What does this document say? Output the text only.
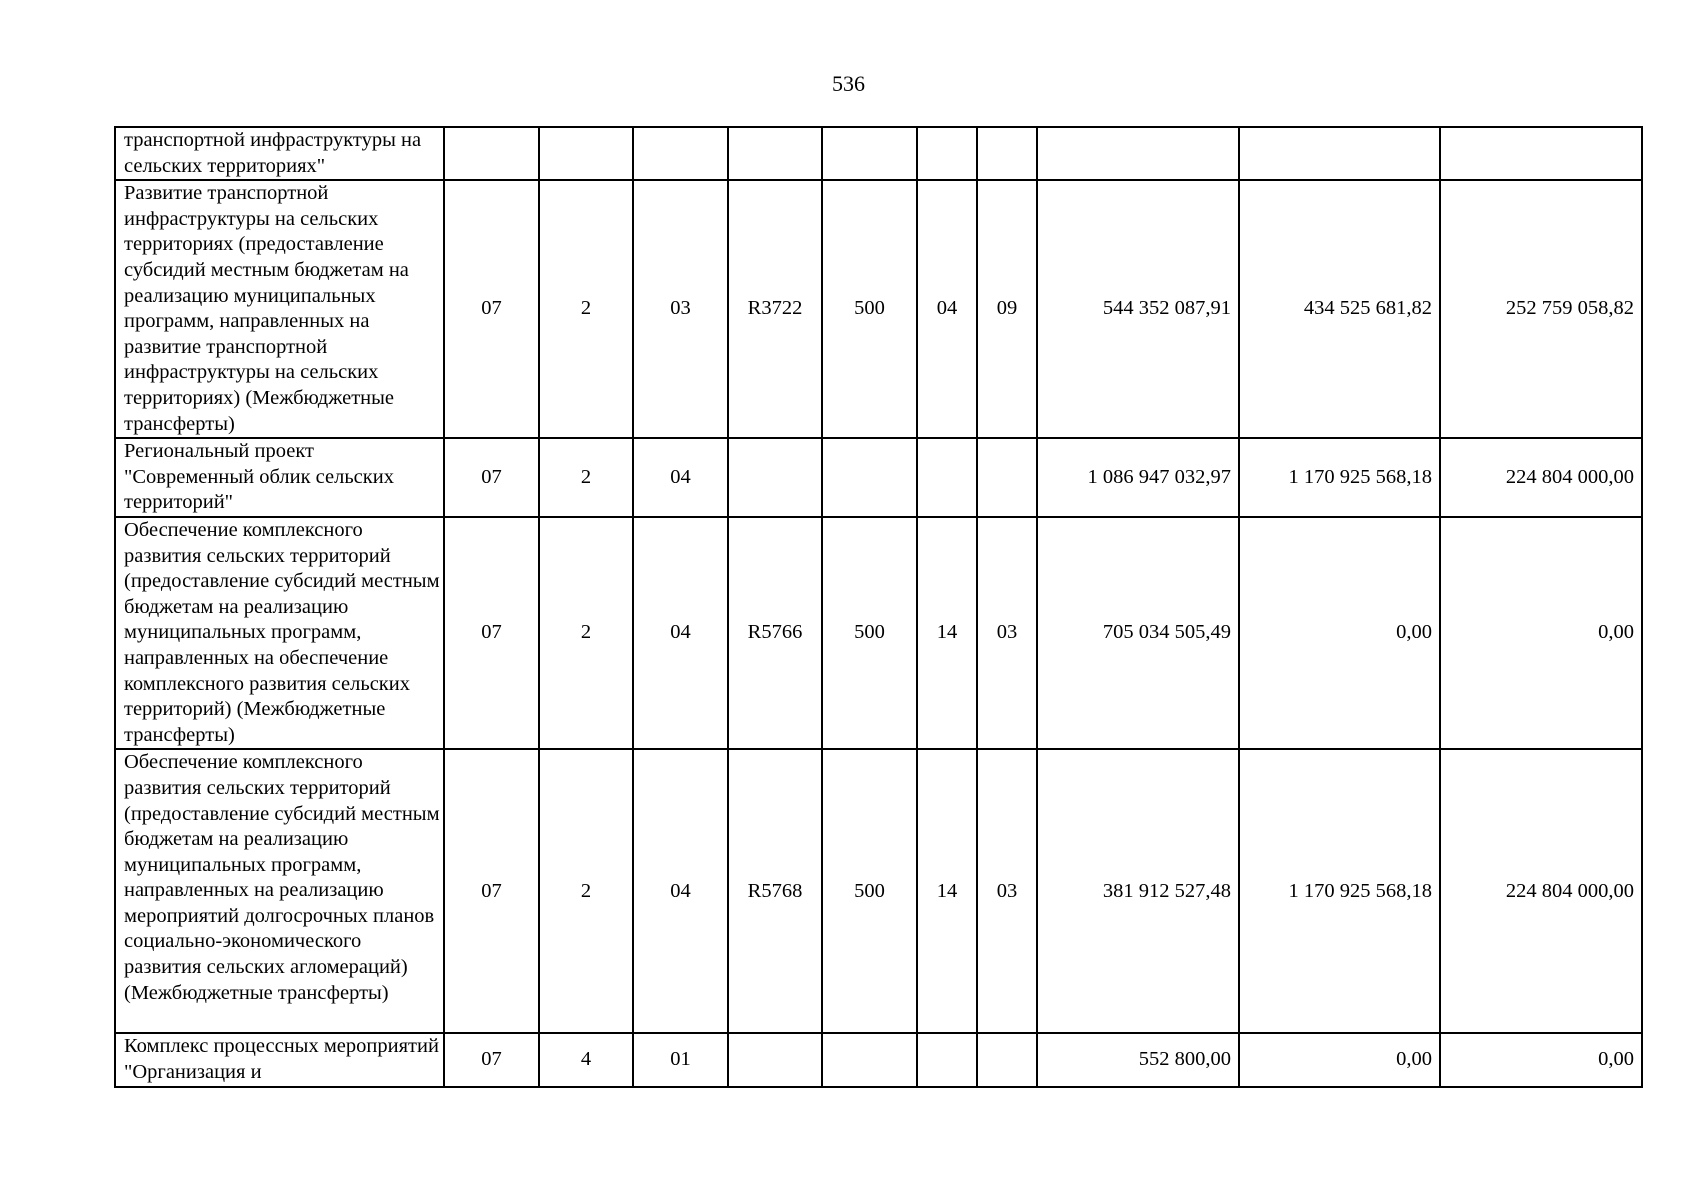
536
транспортной инфраструктуры на сельских территориях"										
Развитие транспортной инфраструктуры на сельских территориях (предоставление субсидий местным бюджетам на реализацию муниципальных программ, направленных на развитие транспортной инфраструктуры на сельских территориях) (Межбюджетные трансферты)	07	2	03	R3722	500	04	09	544 352 087,91	434 525 681,82	252 759 058,82
Региональный проект "Современный облик сельских территорий"	07	2	04					1 086 947 032,97	1 170 925 568,18	224 804 000,00
Обеспечение комплексного развития сельских территорий (предоставление субсидий местным бюджетам на реализацию муниципальных программ, направленных на обеспечение комплексного развития сельских территорий) (Межбюджетные трансферты)	07	2	04	R5766	500	14	03	705 034 505,49	0,00	0,00
Обеспечение комплексного развития сельских территорий (предоставление субсидий местным бюджетам на реализацию муниципальных программ, направленных на реализацию мероприятий долгосрочных планов социально-экономического развития сельских агломераций) (Межбюджетные трансферты)	07	2	04	R5768	500	14	03	381 912 527,48	1 170 925 568,18	224 804 000,00
Комплекс процессных мероприятий "Организация и	07	4	01					552 800,00	0,00	0,00
